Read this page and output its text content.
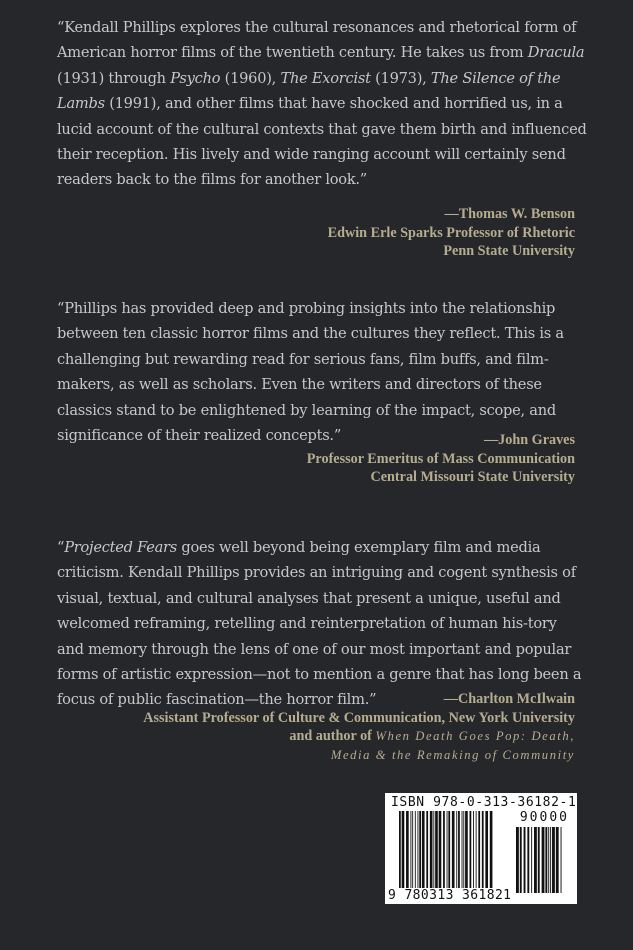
“Kendall Phillips explores the cultural resonances and rhetorical form of American horror films of the twentieth century. He takes us from Dracula (1931) through Psycho (1960), The Exorcist (1973), The Silence of the Lambs (1991), and other films that have shocked and horrified us, in a lucid account of the cultural contexts that gave them birth and influenced their reception. His lively and wide ranging account will certainly send readers back to the films for another look.”

—Thomas W. Benson
Edwin Erle Sparks Professor of Rhetoric
Penn State University

“Phillips has provided deep and probing insights into the relationship between ten classic horror films and the cultures they reflect. This is a challenging but rewarding read for serious fans, film buffs, and film-makers, as well as scholars. Even the writers and directors of these classics stand to be enlightened by learning of the impact, scope, and significance of their realized concepts.”	—John Graves
Professor Emeritus of Mass Communication
Central Missouri State University

“Projected Fears goes well beyond being exemplary film and media criticism. Kendall Phillips provides an intriguing and cogent synthesis of visual, textual, and cultural analyses that present a unique, useful and welcomed reframing, retelling and reinterpretation of human his-tory and memory through the lens of one of our most important and popular forms of artistic expression—not to mention a genre that has long been a focus of public fascination—the horror film.”	—Charlton McIlwain
Assistant Professor of Culture & Communication, New York University
and author of When Death Goes Pop: Death,
Media & the Remaking of Community
ISBN 978-0-313-36182-1
90000
9 780313 361821
